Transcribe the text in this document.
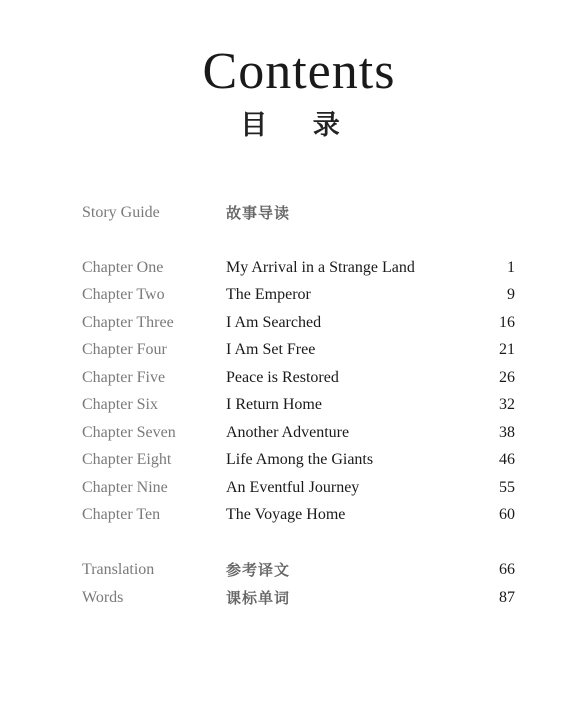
Contents
目 录
Story Guide	故事导读
Chapter One	My Arrival in a Strange Land	1
Chapter Two	The Emperor	9
Chapter Three	I Am Searched	16
Chapter Four	I Am Set Free	21
Chapter Five	Peace is Restored	26
Chapter Six	I Return Home	32
Chapter Seven	Another Adventure	38
Chapter Eight	Life Among the Giants	46
Chapter Nine	An Eventful Journey	55
Chapter Ten	The Voyage Home	60
Translation	参考译文	66
Words	课标单词	87
